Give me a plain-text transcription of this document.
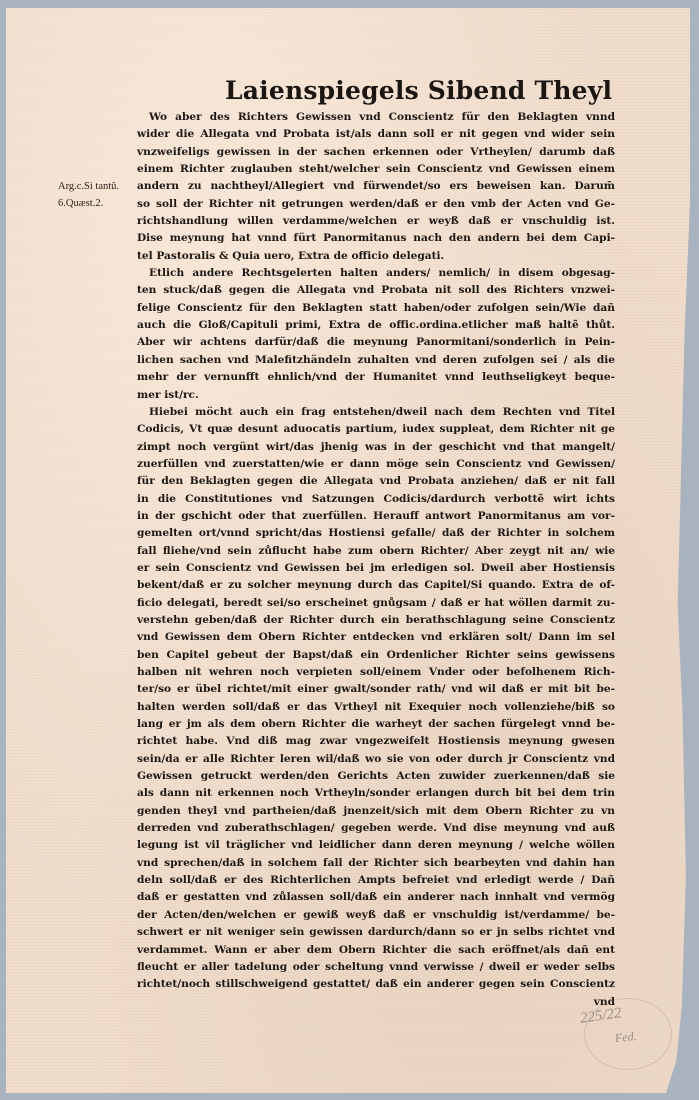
Laienspiegels Sibend Theyl
Arg.c.Si tantû.
6.Quæst.2.
Wo aber des Richters Gewissen vnd Conscientz für den Beklagten vnnd
wider die Allegata vnd Probata ist/als dann soll er nit gegen vnd wider sein
vnzweifeligs gewissen in der sachen erkennen oder Vrtheylen/ darumb daß
einem Richter zuglauben steht/welcher sein Conscientz vnd Gewissen einem
andern zu nachtheyl/Allegiert vnd fürwendet/so ers beweisen kan. Darum̃
so soll der Richter nit getrungen werden/daß er den vmb der Acten vnd Ge-
richtshandlung willen verdamme/welchen er weyß daß er vnschuldig ist.
Dise meynung hat vnnd fürt Panormitanus nach den andern bei dem Capi-
tel Pastoralis & Quia uero, Extra de officio delegati.
Etlich andere Rechtsgelerten halten anders/ nemlich/ in disem obgesag-
ten stuck/daß gegen die Allegata vnd Probata nit soll des Richters vnzwei-
felige Conscientz für den Beklagten statt haben/oder zufolgen sein/Wie dañ
auch die Gloß/Capituli primi, Extra de offic.ordina.etlicher maß haltẽ thůt.
Aber wir achtens darfür/daß die meynung Panormitani/sonderlich in Pein-
lichen sachen vnd Malefitzhändeln zuhalten vnd deren zufolgen sei / als die
mehr der vernunfft ehnlich/vnd der Humanitet vnnd leuthseligkeyt beque-
mer ist/rc.
Hiebei möcht auch ein frag entstehen/dweil nach dem Rechten vnd Titel
Codicis, Vt quæ desunt aduocatis partium, iudex suppleat, dem Richter nit ge
zimpt noch vergünt wirt/das jhenig was in der geschicht vnd that mangelt/
zuerfüllen vnd zuerstatten/wie er dann möge sein Conscientz vnd Gewissen/
für den Beklagten gegen die Allegata vnd Probata anziehen/ daß er nit fall
in die Constitutiones vnd Satzungen Codicis/dardurch verbottẽ wirt ichts
in der gschicht oder that zuerfüllen. Herauff antwort Panormitanus am vor-
gemelten ort/vnnd spricht/das Hostiensi gefalle/ daß der Richter in solchem
fall fliehe/vnd sein zůflucht habe zum obern Richter/ Aber zeygt nit an/ wie
er sein Conscientz vnd Gewissen bei jm erledigen sol. Dweil aber Hostiensis
bekent/daß er zu solcher meynung durch das Capitel/Si quando. Extra de of-
ficio delegati, beredt sei/so erscheinet gnůgsam / daß er hat wöllen darmit zu-
verstehn geben/daß der Richter durch ein berathschlagung seine Conscientz
vnd Gewissen dem Obern Richter entdecken vnd erklären solt/ Dann im sel
ben Capitel gebeut der Bapst/daß ein Ordenlicher Richter seins gewissens
halben nit wehren noch verpieten soll/einem Vnder oder befolhenem Rich-
ter/so er übel richtet/mit einer gwalt/sonder rath/ vnd wil daß er mit bit be-
halten werden soll/daß er das Vrtheyl nit Exequier noch vollenziehe/biß so
lang er jm als dem obern Richter die warheyt der sachen fürgelegt vnnd be-
richtet habe. Vnd diß mag zwar vngezweifelt Hostiensis meynung gwesen
sein/da er alle Richter leren wil/daß wo sie von oder durch jr Conscientz vnd
Gewissen getruckt werden/den Gerichts Acten zuwider zuerkennen/daß sie
als dann nit erkennen noch Vrtheyln/sonder erlangen durch bit bei dem trin
genden theyl vnd partheien/daß jnenzeit/sich mit dem Obern Richter zu vn
derreden vnd zuberathschlagen/ gegeben werde. Vnd dise meynung vnd auß
legung ist vil träglicher vnd leidlicher dann deren meynung / welche wöllen
vnd sprechen/daß in solchem fall der Richter sich bearbeyten vnd dahin han
deln soll/daß er des Richterlichen Ampts befreiet vnd erledigt werde / Dañ
daß er gestatten vnd zůlassen soll/daß ein anderer nach innhalt vnd vermög
der Acten/den/welchen er gewiß weyß daß er vnschuldig ist/verdamme/ be-
schwert er nit weniger sein gewissen dardurch/dann so er jn selbs richtet vnd
verdammet. Wann er aber dem Obern Richter die sach eröffnet/als dañ ent
fleucht er aller tadelung oder scheltung vnnd verwisse / dweil er weder selbs
richtet/noch stillschweigend gestattet/ daß ein anderer gegen sein Conscientz
vnd
225/22
Fed.
